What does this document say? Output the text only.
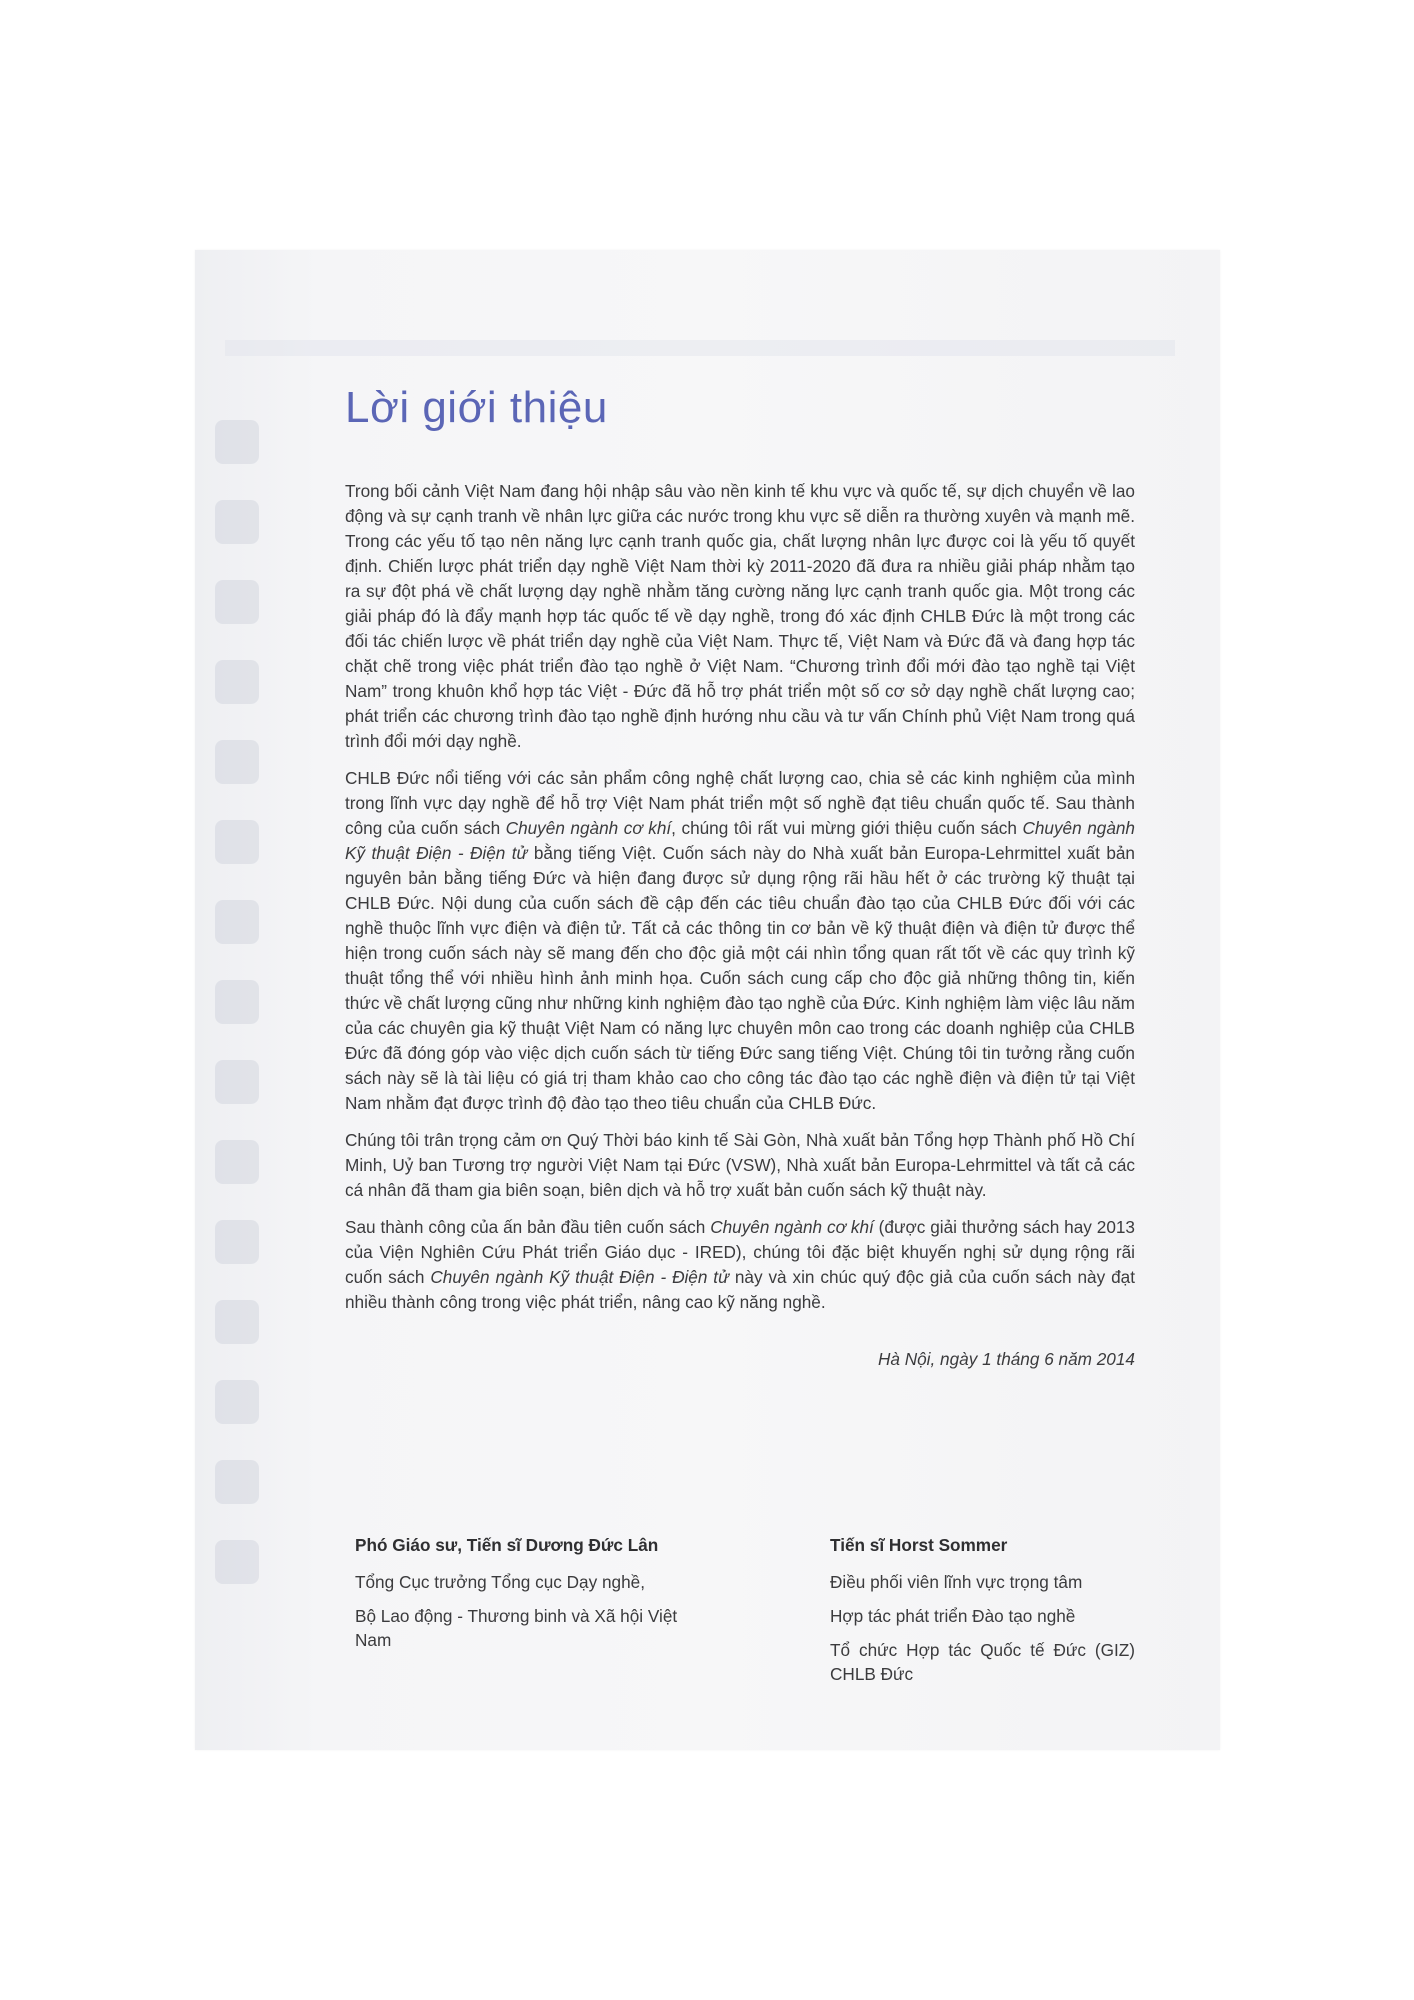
Lời giới thiệu

Trong bối cảnh Việt Nam đang hội nhập sâu vào nền kinh tế khu vực và quốc tế, sự dịch chuyển về lao động và sự cạnh tranh về nhân lực giữa các nước trong khu vực sẽ diễn ra thường xuyên và mạnh mẽ. Trong các yếu tố tạo nên năng lực cạnh tranh quốc gia, chất lượng nhân lực được coi là yếu tố quyết định. Chiến lược phát triển dạy nghề Việt Nam thời kỳ 2011-2020 đã đưa ra nhiều giải pháp nhằm tạo ra sự đột phá về chất lượng dạy nghề nhằm tăng cường năng lực cạnh tranh quốc gia. Một trong các giải pháp đó là đẩy mạnh hợp tác quốc tế về dạy nghề, trong đó xác định CHLB Đức là một trong các đối tác chiến lược về phát triển dạy nghề của Việt Nam. Thực tế, Việt Nam và Đức đã và đang hợp tác chặt chẽ trong việc phát triển đào tạo nghề ở Việt Nam. “Chương trình đổi mới đào tạo nghề tại Việt Nam” trong khuôn khổ hợp tác Việt - Đức đã hỗ trợ phát triển một số cơ sở dạy nghề chất lượng cao; phát triển các chương trình đào tạo nghề định hướng nhu cầu và tư vấn Chính phủ Việt Nam trong quá trình đổi mới dạy nghề.

CHLB Đức nổi tiếng với các sản phẩm công nghệ chất lượng cao, chia sẻ các kinh nghiệm của mình trong lĩnh vực dạy nghề để hỗ trợ Việt Nam phát triển một số nghề đạt tiêu chuẩn quốc tế. Sau thành công của cuốn sách Chuyên ngành cơ khí, chúng tôi rất vui mừng giới thiệu cuốn sách Chuyên ngành Kỹ thuật Điện - Điện tử bằng tiếng Việt. Cuốn sách này do Nhà xuất bản Europa-Lehrmittel xuất bản nguyên bản bằng tiếng Đức và hiện đang được sử dụng rộng rãi hầu hết ở các trường kỹ thuật tại CHLB Đức. Nội dung của cuốn sách đề cập đến các tiêu chuẩn đào tạo của CHLB Đức đối với các nghề thuộc lĩnh vực điện và điện tử. Tất cả các thông tin cơ bản về kỹ thuật điện và điện tử được thể hiện trong cuốn sách này sẽ mang đến cho độc giả một cái nhìn tổng quan rất tốt về các quy trình kỹ thuật tổng thể với nhiều hình ảnh minh họa. Cuốn sách cung cấp cho độc giả những thông tin, kiến thức về chất lượng cũng như những kinh nghiệm đào tạo nghề của Đức. Kinh nghiệm làm việc lâu năm của các chuyên gia kỹ thuật Việt Nam có năng lực chuyên môn cao trong các doanh nghiệp của CHLB Đức đã đóng góp vào việc dịch cuốn sách từ tiếng Đức sang tiếng Việt. Chúng tôi tin tưởng rằng cuốn sách này sẽ là tài liệu có giá trị tham khảo cao cho công tác đào tạo các nghề điện và điện tử tại Việt Nam nhằm đạt được trình độ đào tạo theo tiêu chuẩn của CHLB Đức.

Chúng tôi trân trọng cảm ơn Quý Thời báo kinh tế Sài Gòn, Nhà xuất bản Tổng hợp Thành phố Hồ Chí Minh, Uỷ ban Tương trợ người Việt Nam tại Đức (VSW), Nhà xuất bản Europa-Lehrmittel và tất cả các cá nhân đã tham gia biên soạn, biên dịch và hỗ trợ xuất bản cuốn sách kỹ thuật này.

Sau thành công của ấn bản đầu tiên cuốn sách Chuyên ngành cơ khí (được giải thưởng sách hay 2013 của Viện Nghiên Cứu Phát triển Giáo dục - IRED), chúng tôi đặc biệt khuyến nghị sử dụng rộng rãi cuốn sách Chuyên ngành Kỹ thuật Điện - Điện tử này và xin chúc quý độc giả của cuốn sách này đạt nhiều thành công trong việc phát triển, nâng cao kỹ năng nghề.

Hà Nội, ngày 1 tháng 6 năm 2014

Phó Giáo sư, Tiến sĩ Dương Đức Lân

Tổng Cục trưởng Tổng cục Dạy nghề,

Bộ Lao động - Thương binh và Xã hội Việt Nam

Tiến sĩ Horst Sommer

Điều phối viên lĩnh vực trọng tâm

Hợp tác phát triển Đào tạo nghề

Tổ chức Hợp tác Quốc tế Đức (GIZ) CHLB Đức
